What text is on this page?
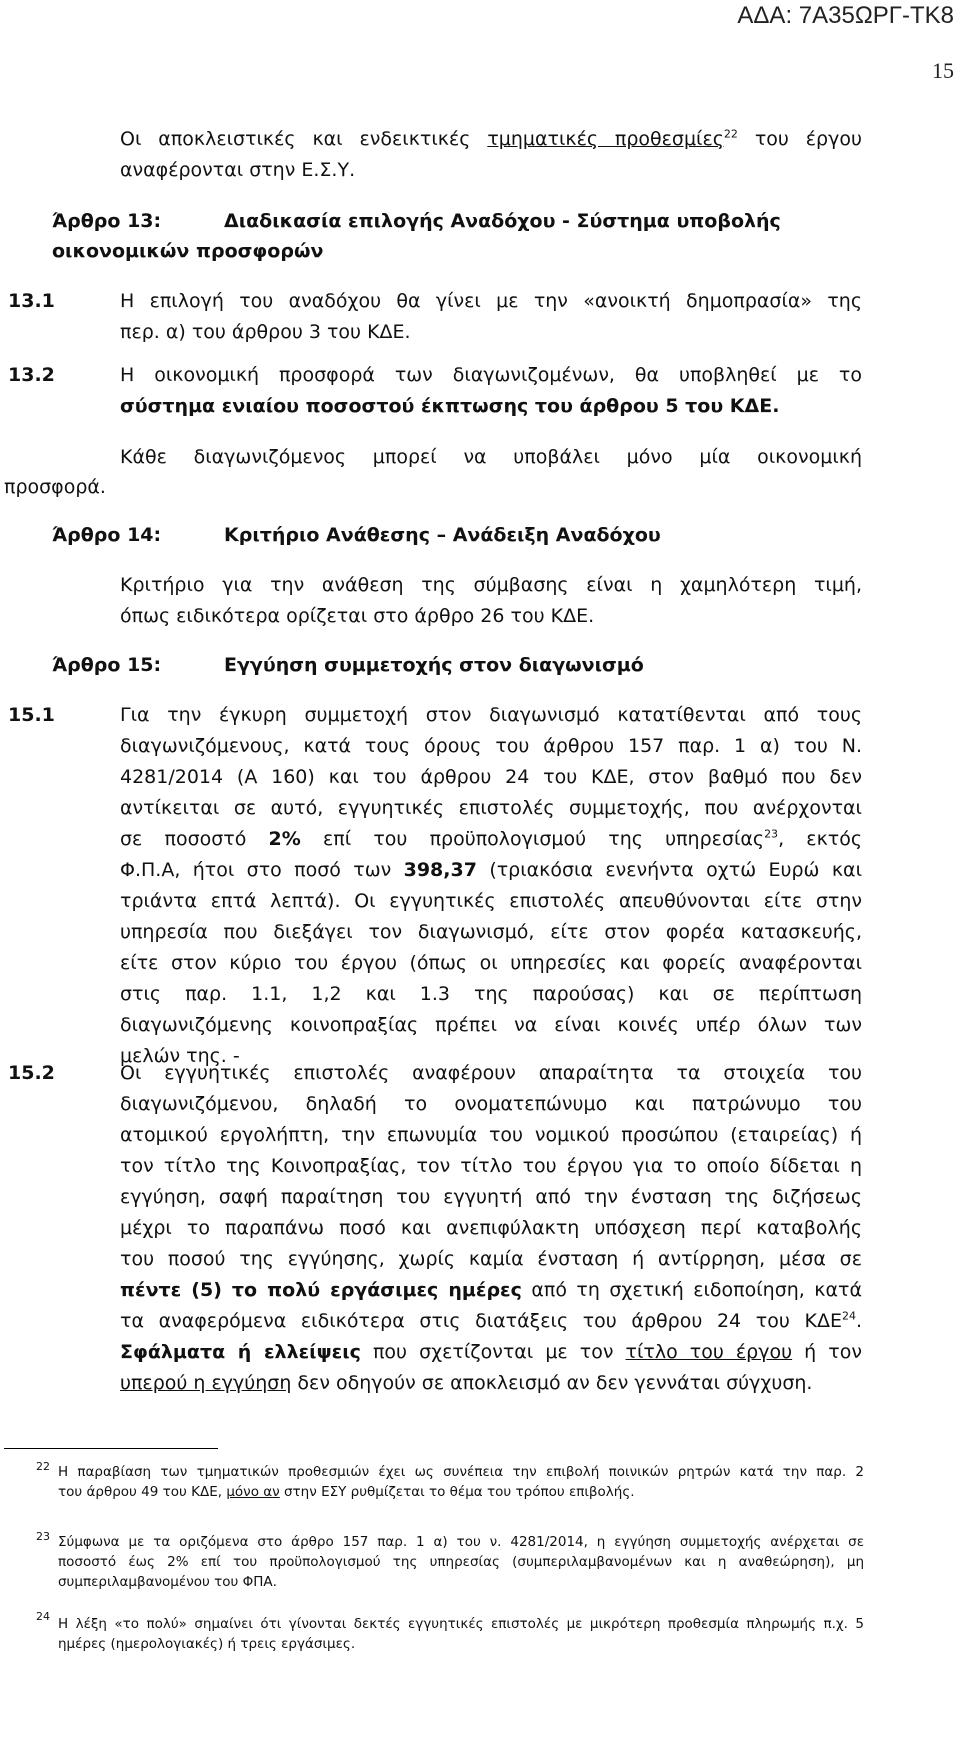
ΑΔΑ: 7Α35ΩΡΓ-ΤΚ8
15
Οι αποκλειστικές και ενδεικτικές τμηματικές προθεσμίες$^{22}$ του έργου
αναφέρονται στην Ε.Σ.Υ.
Άρθρο 13:	Διαδικασία επιλογής Αναδόχου - Σύστημα υποβολής
οικονομικών προσφορών
13.1	Η επιλογή του αναδόχου θα γίνει με την «ανοικτή δημοπρασία» της
περ. α) του άρθρου 3 του ΚΔΕ.
13.2	Η οικονομική προσφορά των διαγωνιζομένων, θα υποβληθεί με το
σύστημα ενιαίου ποσοστού έκπτωσης του άρθρου 5 του ΚΔΕ.
Κάθε διαγωνιζόμενος μπορεί να υποβάλει μόνο μία οικονομική
προσφορά.
Άρθρο 14:	Κριτήριο Ανάθεσης – Ανάδειξη Αναδόχου
Κριτήριο για την ανάθεση της σύμβασης είναι η χαμηλότερη τιμή,
όπως ειδικότερα ορίζεται στο άρθρο 26 του ΚΔΕ.
Άρθρο 15:	Εγγύηση συμμετοχής στον διαγωνισμό
15.1	Για την έγκυρη συμμετοχή στον διαγωνισμό κατατίθενται από τους
διαγωνιζόμενους, κατά τους όρους του άρθρου 157 παρ. 1 α) του Ν.
4281/2014 (Α 160) και του άρθρου 24 του ΚΔΕ, στον βαθμό που δεν
αντίκειται σε αυτό, εγγυητικές επιστολές συμμετοχής, που ανέρχονται
σε ποσοστό 2% επί του προϋπολογισμού της υπηρεσίας$^{23}$, εκτός
Φ.Π.Α, ήτοι στο ποσό των 398,37 (τριακόσια ενενήντα οχτώ Ευρώ και
τριάντα επτά λεπτά). Οι εγγυητικές επιστολές απευθύνονται είτε στην
υπηρεσία που διεξάγει τον διαγωνισμό, είτε στον φορέα κατασκευής,
είτε στον κύριο του έργου (όπως οι υπηρεσίες και φορείς αναφέρονται
στις παρ. 1.1, 1,2 και 1.3 της παρούσας) και σε περίπτωση
διαγωνιζόμενης κοινοπραξίας πρέπει να είναι κοινές υπέρ όλων των
μελών της. -
15.2	Οι εγγυητικές επιστολές αναφέρουν απαραίτητα τα στοιχεία του
διαγωνιζόμενου, δηλαδή το ονοματεπώνυμο και πατρώνυμο του
ατομικού εργολήπτη, την επωνυμία του νομικού προσώπου (εταιρείας) ή
τον τίτλο της Κοινοπραξίας, τον τίτλο του έργου για το οποίο δίδεται η
εγγύηση, σαφή παραίτηση του εγγυητή από την ένσταση της διζήσεως
μέχρι το παραπάνω ποσό και ανεπιφύλακτη υπόσχεση περί καταβολής
του ποσού της εγγύησης, χωρίς καμία ένσταση ή αντίρρηση, μέσα σε
πέντε (5) το πολύ εργάσιμες ημέρες από τη σχετική ειδοποίηση, κατά
τα αναφερόμενα ειδικότερα στις διατάξεις του άρθρου 24 του ΚΔΕ$^{24}$.
Σφάλματα ή ελλείψεις που σχετίζονται με τον τίτλο του έργου ή τον
υπερού η εγγύηση δεν οδηγούν σε αποκλεισμό αν δεν γεννάται σύγχυση.
22 Η παραβίαση των τμηματικών προθεσμιών έχει ως συνέπεια την επιβολή ποινικών ρητρών κατά την παρ. 2
του άρθρου 49 του ΚΔΕ, μόνο αν στην ΕΣΥ ρυθμίζεται το θέμα του τρόπου επιβολής.
23 Σύμφωνα με τα οριζόμενα στο άρθρο 157 παρ. 1 α) του ν. 4281/2014, η εγγύηση συμμετοχής ανέρχεται σε
ποσοστό έως 2% επί του προϋπολογισμού της υπηρεσίας (συμπεριλαμβανομένων και η αναθεώρηση), μη
συμπεριλαμβανομένου του ΦΠΑ.
24 Η λέξη «το πολύ» σημαίνει ότι γίνονται δεκτές εγγυητικές επιστολές με μικρότερη προθεσμία πληρωμής π.χ. 5
ημέρες (ημερολογιακές) ή τρεις εργάσιμες.
